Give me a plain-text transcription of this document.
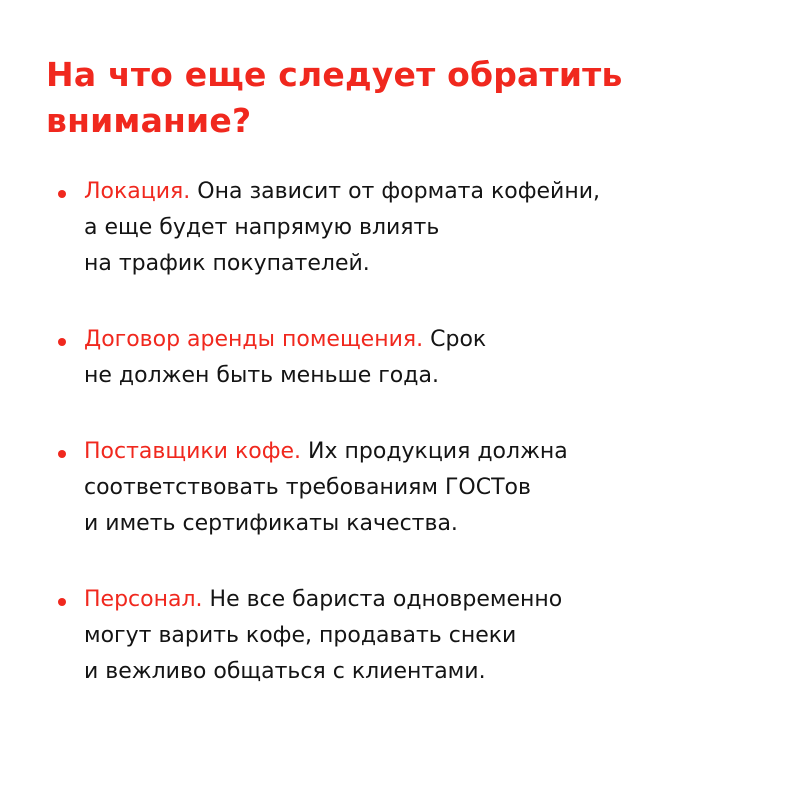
На что еще следует обратить
внимание?
Локация. Она зависит от формата кофейни,
а еще будет напрямую влиять
на трафик покупателей.
Договор аренды помещения. Срок
не должен быть меньше года.
Поставщики кофе. Их продукция должна
соответствовать требованиям ГОСТов
и иметь сертификаты качества.
Персонал. Не все бариста одновременно
могут варить кофе, продавать снеки
и вежливо общаться с клиентами.
